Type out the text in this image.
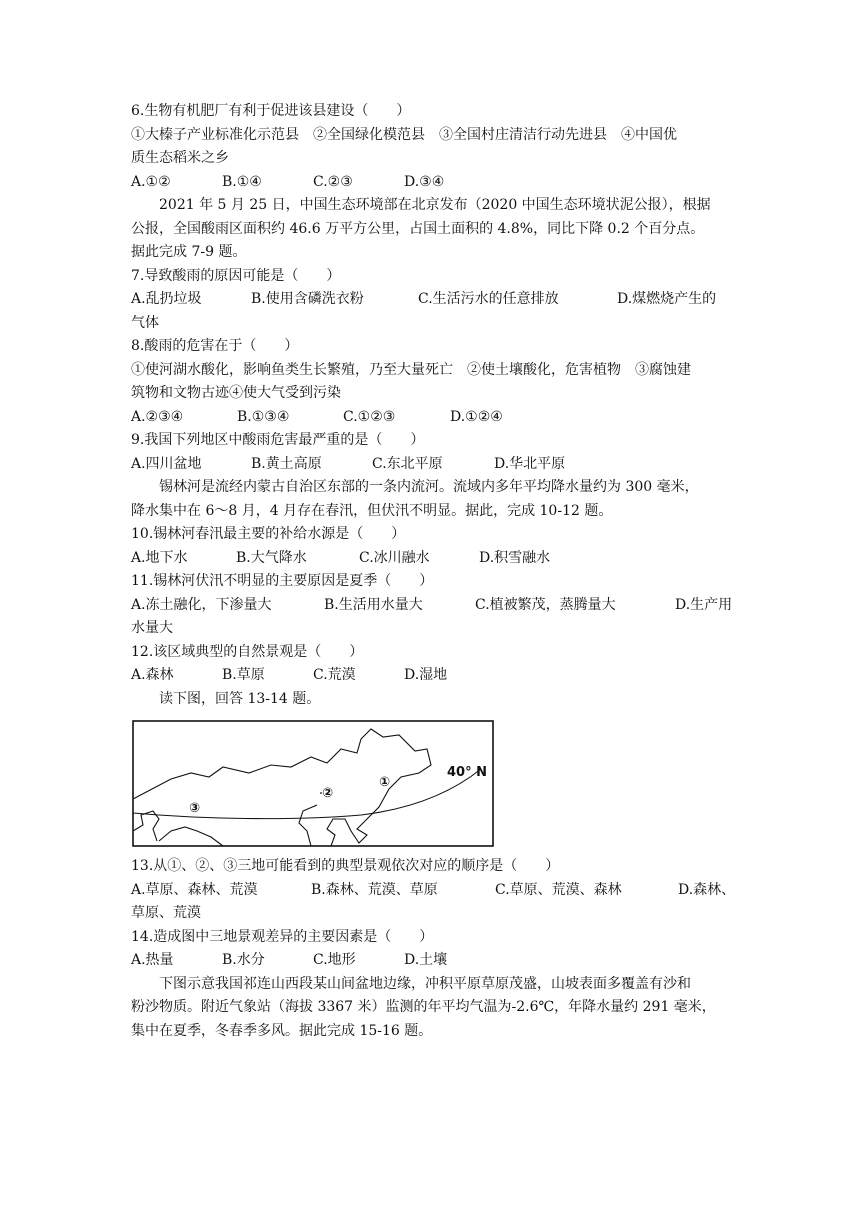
6.生物有机肥厂有利于促进该县建设（　　）
①大榛子产业标准化示范县　②全国绿化模范县　③全国村庄清洁行动先进县　④中国优
质生态稻米之乡
A.①②	B.①④	C.②③	D.③④
2021 年 5 月 25 日，中国生态环境部在北京发布（2020 中国生态环境状泥公报），根据
公报，全国酸雨区面积约 46.6 万平方公里，占国土面积的 4.8%，同比下降 0.2 个百分点。
据此完成 7-9 题。
7.导致酸雨的原因可能是（　　）
A.乱扔垃圾	B.使用含磷洗衣粉	C.生活污水的任意排放	D.煤燃烧产生的
气体
8.酸雨的危害在于（　　）
①使河湖水酸化，影响鱼类生长繁殖，乃至大量死亡　②使土壤酸化，危害植物　③腐蚀建
筑物和文物古迹④使大气受到污染
A.②③④	B.①③④	C.①②③	D.①②④
9.我国下列地区中酸雨危害最严重的是（　　）
A.四川盆地	B.黄土高原	C.东北平原	D.华北平原
锡林河是流经内蒙古自治区东部的一条内流河。流域内多年平均降水量约为 300 毫米，
降水集中在 6～8 月，4 月存在春汛，但伏汛不明显。据此，完成 10-12 题。
10.锡林河春汛最主要的补给水源是（　　）
A.地下水	B.大气降水	C.冰川融水	D.积雪融水
11.锡林河伏汛不明显的主要原因是夏季（　　）
A.冻土融化，下渗量大	B.生活用水量大	C.植被繁茂，蒸腾量大	D.生产用
水量大
12.该区域典型的自然景观是（　　）
A.森林	B.草原	C.荒漠	D.湿地
读下图，回答 13-14 题。
③
②
①
40° N
13.从①、②、③三地可能看到的典型景观依次对应的顺序是（　　）
A.草原、森林、荒漠	B.森林、荒漠、草原	C.草原、荒漠、森林	D.森林、
草原、荒漠
14.造成图中三地景观差异的主要因素是（　　）
A.热量	B.水分	C.地形	D.土壤
下图示意我国祁连山西段某山间盆地边缘，冲积平原草原茂盛，山坡表面多覆盖有沙和
粉沙物质。附近气象站（海拔 3367 米）监测的年平均气温为-2.6℃，年降水量约 291 毫米，
集中在夏季，冬春季多风。据此完成 15-16 题。
